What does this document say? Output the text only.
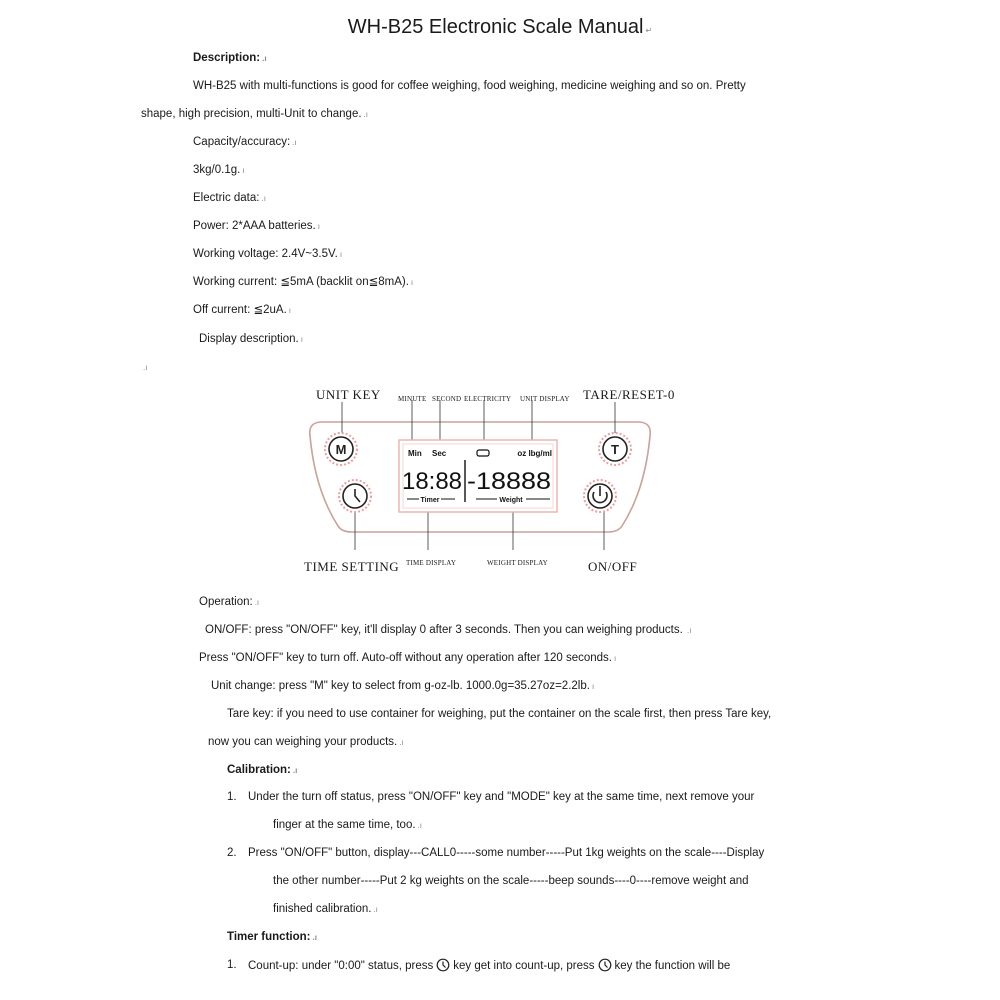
WH-B25 Electronic Scale Manual ↵
Description: .ı
WH-B25 with multi-functions is good for coffee weighing, food weighing, medicine weighing and so on. Pretty
shape, high precision, multi-Unit to change. .ı
Capacity/accuracy: .ı
3kg/0.1g. ı
Electric data: .ı
Power: 2*AAA batteries. ı
Working voltage: 2.4V~3.5V. ı
Working current: ≦5mA (backlit on≦8mA). ı
Off current: ≦2uA. ı
Display description. ı
.ı
UNIT KEY	TARE/RESET-0
MINUTE SECOND ELECTRICITY UNIT DISPLAY
M	T
Min Sec	oz lbg/ml
18:88 -18888
Timer	Weight
TIME SETTING TIME DISPLAY	WEIGHT DISPLAY	ON/OFF
Operation: .ı
ON/OFF: press "ON/OFF" key, it'll display 0 after 3 seconds. Then you can weighing products. .ı
Press "ON/OFF" key to turn off. Auto-off without any operation after 120 seconds. ı
Unit change: press "M" key to select from g-oz-lb. 1000.0g=35.27oz=2.2lb. ı
Tare key: if you need to use container for weighing, put the container on the scale first, then press Tare key,
now you can weighing your products. .ı
Calibration: .ı
1. Under the turn off status, press "ON/OFF" key and "MODE" key at the same time, next remove your
finger at the same time, too. .ı
2. Press "ON/OFF" button, display---CALL0-----some number-----Put 1kg weights on the scale----Display
the other number-----Put 2 kg weights on the scale-----beep sounds----0----remove weight and
finished calibration. .ı
Timer function: .ı
1. Count-up: under "0:00" status, press key get into count-up, press key the function will be
